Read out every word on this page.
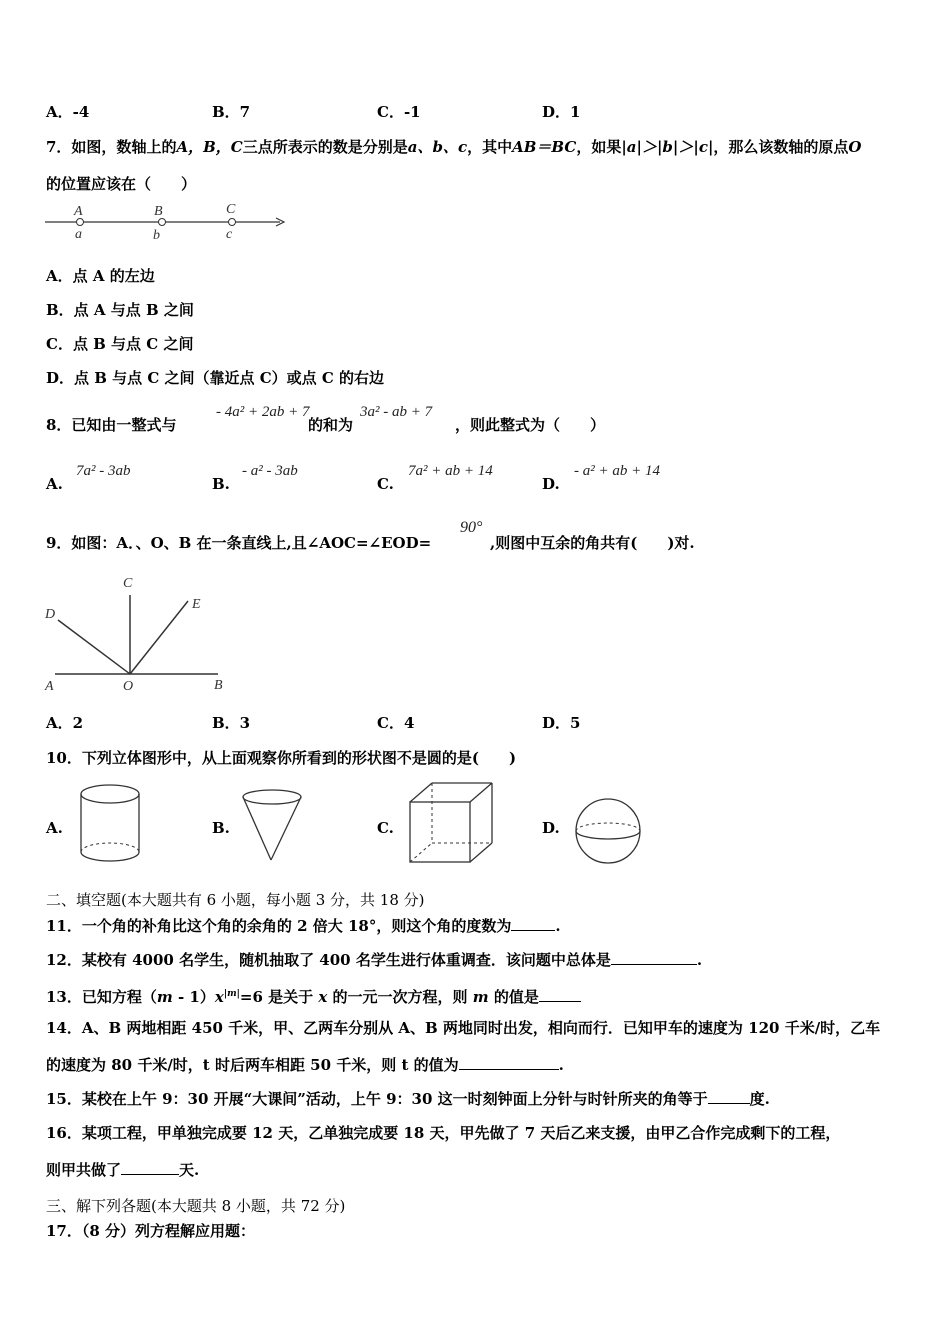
A．-4	B．7	C．-1	D．1
7．如图，数轴上的A，B，C三点所表示的数是分别是a、b、c，其中AB＝BC，如果|a|＞|b|＞|c|，那么该数轴的原点O
的位置应该在（　　）
A	B	C
a	b	c
A．点 A 的左边
B．点 A 与点 B 之间
C．点 B 与点 C 之间
D．点 B 与点 C 之间（靠近点 C）或点 C 的右边
8．已知由一整式与
- 4a² + 2ab + 7
的和为
3a² - ab + 7
，则此整式为（　　）
A.
7a² - 3ab
B.
- a² - 3ab
C.
7a² + ab + 14
D.
- a² + ab + 14
9．如图：A．、O、B 在一条直线上,且∠AOC=∠EOD=
90°
,则图中互余的角共有(　　)对.
A	O	B
C
D
E
A．2	B．3	C．4	D．5
10．下列立体图形中，从上面观察你所看到的形状图不是圆的是(　　)
A.	B.	C.	D.
二、填空题(本大题共有 6 小题，每小题 3 分，共 18 分)
11．一个角的补角比这个角的余角的 2 倍大 18°，则这个角的度数为	.
12．某校有 4000 名学生，随机抽取了 400 名学生进行体重调查．该问题中总体是	.
13．已知方程$(m - 1)x^{|m|}=6$ 是关于 x 的一元一次方程，则 m 的值是
14．A、B 两地相距 450 千米，甲、乙两车分别从 A、B 两地同时出发，相向而行．已知甲车的速度为 120 千米/时，乙车
的速度为 80 千米/时，t 时后两车相距 50 千米，则 t 的值为	.
15．某校在上午 9：30 开展“大课间”活动，上午 9：30 这一时刻钟面上分针与时针所夹的角等于	度.
16．某项工程，甲单独完成要 12 天，乙单独完成要 18 天，甲先做了 7 天后乙来支援，由甲乙合作完成剩下的工程，
则甲共做了	天.
三、解下列各题(本大题共 8 小题，共 72 分)
17．（8 分）列方程解应用题：
